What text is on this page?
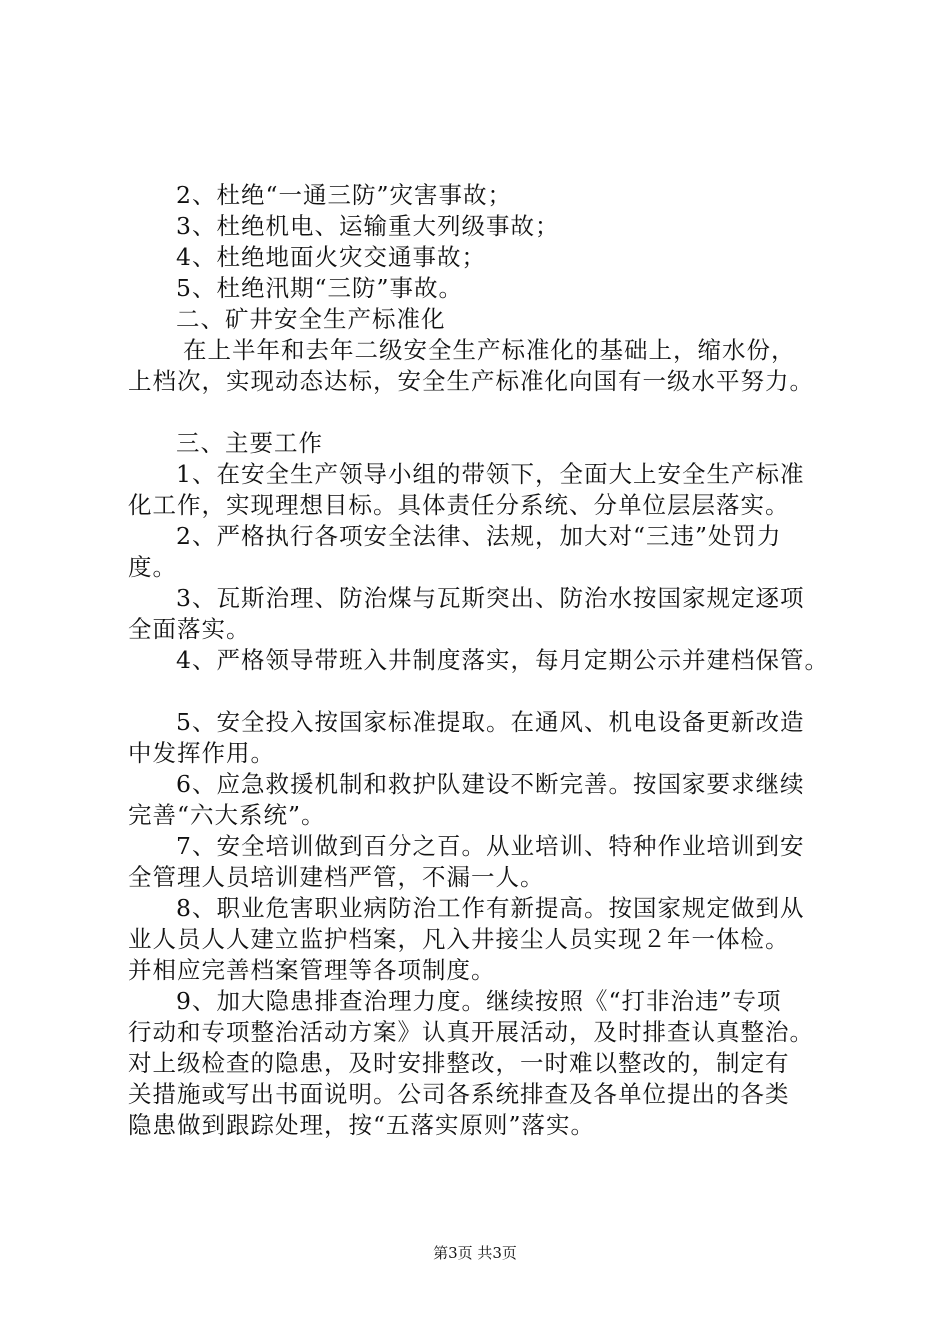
2、杜绝“一通三防”灾害事故；
3、杜绝机电、运输重大列级事故；
4、杜绝地面火灾交通事故；
5、杜绝汛期“三防”事故。
二、矿井安全生产标准化
在上半年和去年二级安全生产标准化的基础上，缩水份，
上档次，实现动态达标，安全生产标准化向国有一级水平努力。
三、主要工作
1、在安全生产领导小组的带领下，全面大上安全生产标准
化工作，实现理想目标。具体责任分系统、分单位层层落实。
2、严格执行各项安全法律、法规，加大对“三违”处罚力
度。
3、瓦斯治理、防治煤与瓦斯突出、防治水按国家规定逐项
全面落实。
4、严格领导带班入井制度落实，每月定期公示并建档保管。
5、安全投入按国家标准提取。在通风、机电设备更新改造
中发挥作用。
6、应急救援机制和救护队建设不断完善。按国家要求继续
完善“六大系统”。
7、安全培训做到百分之百。从业培训、特种作业培训到安
全管理人员培训建档严管，不漏一人。
8、职业危害职业病防治工作有新提高。按国家规定做到从
业人员人人建立监护档案，凡入井接尘人员实现２年一体检。
并相应完善档案管理等各项制度。
9、加大隐患排查治理力度。继续按照《“打非治违”专项
行动和专项整治活动方案》认真开展活动，及时排查认真整治。
对上级检查的隐患，及时安排整改，一时难以整改的，制定有
关措施或写出书面说明。公司各系统排查及各单位提出的各类
隐患做到跟踪处理，按“五落实原则”落实。
第3页 共3页
